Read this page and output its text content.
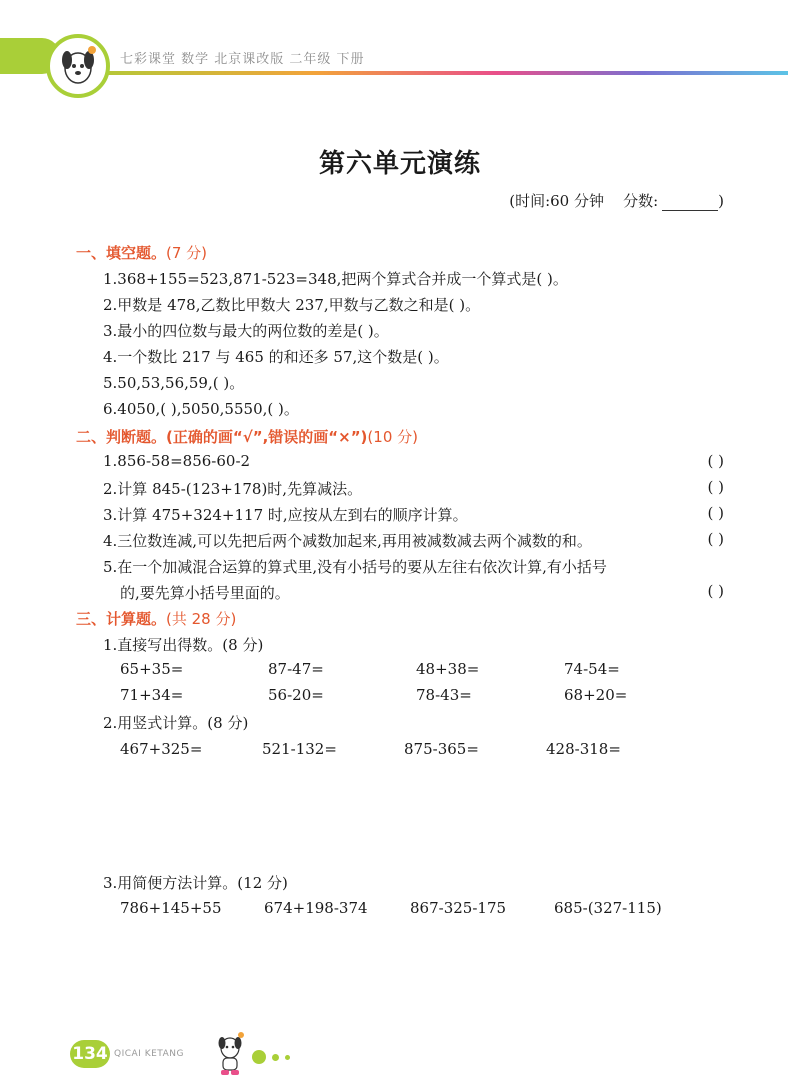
七彩课堂 数学 北京课改版 二年级 下册
第六单元演练
(时间:60 分钟 分数:	)
一、填空题。(7 分)
1.368+155=523,871-523=348,把两个算式合并成一个算式是( )。
2.甲数是 478,乙数比甲数大 237,甲数与乙数之和是( )。
3.最小的四位数与最大的两位数的差是( )。
4.一个数比 217 与 465 的和还多 57,这个数是( )。
5.50,53,56,59,( )。
6.4050,( ),5050,5550,( )。
二、判断题。(正确的画“√”,错误的画“×”)(10 分)
1.856-58=856-60-2	( )
2.计算 845-(123+178)时,先算减法。	( )
3.计算 475+324+117 时,应按从左到右的顺序计算。	( )
4.三位数连减,可以先把后两个减数加起来,再用被减数减去两个减数的和。	( )
5.在一个加减混合运算的算式里,没有小括号的要从左往右依次计算,有小括号
的,要先算小括号里面的。	( )
三、计算题。(共 28 分)
1.直接写出得数。(8 分)
65+35=	87-47=	48+38=	74-54=
71+34=	56-20=	78-43=	68+20=
2.用竖式计算。(8 分)
467+325=	521-132=	875-365=	428-318=
3.用简便方法计算。(12 分)
786+145+55	674+198-374	867-325-175	685-(327-115)
134 QICAI KETANG
